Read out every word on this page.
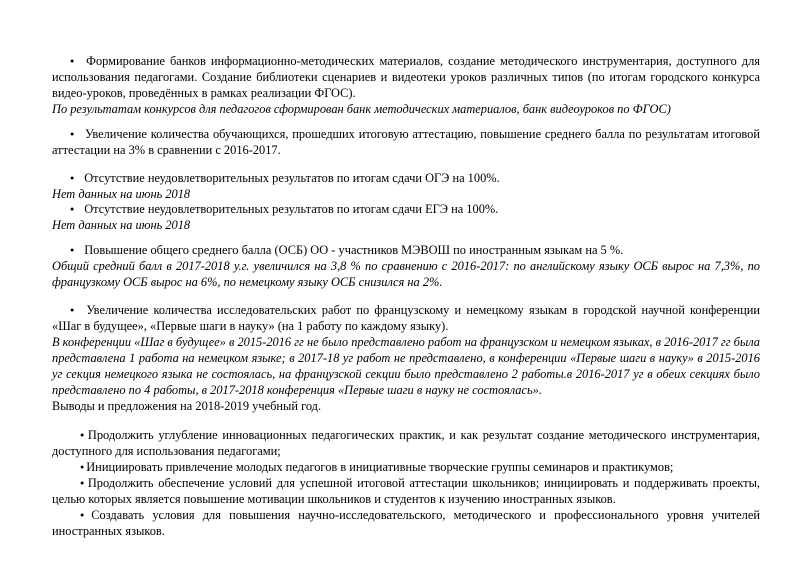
● Формирование банков информационно-методических материалов, создание методического инструментария, доступного для использования педагогами. Создание библиотеки сценариев и видеотеки уроков различных типов (по итогам городского конкурса видео-уроков, проведённых в рамках реализации ФГОС).

По результатам конкурсов для педагогов сформирован банк методических материалов, банк видеоуроков по ФГОС)

● Увеличение количества обучающихся, прошедших итоговую аттестацию, повышение среднего балла по результатам итоговой аттестации на 3% в сравнении с 2016-2017.

● Отсутствие неудовлетворительных результатов по итогам сдачи ОГЭ на 100%.

Нет данных на июнь 2018

● Отсутствие неудовлетворительных результатов по итогам сдачи ЕГЭ на 100%.

Нет данных на июнь 2018

● Повышение общего среднего балла (ОСБ) ОО - участников МЭВОШ по иностранным языкам на 5 %.

Общий средний балл в 2017-2018 у.г. увеличился на 3,8 % по сравнению с 2016-2017: по английскому языку ОСБ вырос на 7,3%, по французкому ОСБ вырос на 6%, по немецкому языку ОСБ снизился на 2%.

● Увеличение количества исследовательских работ по французскому и немецкому языкам в городской научной конференции «Шаг в будущее», «Первые шаги в науку» (на 1 работу по каждому языку).

В конференции «Шаг в будущее» в 2015-2016 гг не было представлено работ на французском и немецком языках, в 2016-2017 гг была представлена 1 работа на немецком языке; в 2017-18 уг работ не представлено, в конференции «Первые шаги в науку» в 2015-2016 уг секция немецкого языка не состоялась, на французской секции было представлено 2 работы.в 2016-2017 уг в обеих секциях было представлено по 4 работы, в 2017-2018 конференция «Первые шаги в науку не состоялась».

Выводы и предложения на 2018-2019 учебный год.

● Продолжить углубление инновационных педагогических практик, и как результат создание методического инструментария, доступного для использования педагогами;

● Инициировать привлечение молодых педагогов в инициативные творческие группы семинаров и практикумов;

● Продолжить обеспечение условий для успешной итоговой аттестации школьников; инициировать и поддерживать проекты, целью которых является повышение мотивации школьников и студентов к изучению иностранных языков.

● Создавать условия для повышения научно-исследовательского, методического и профессионального уровня учителей иностранных языков.
